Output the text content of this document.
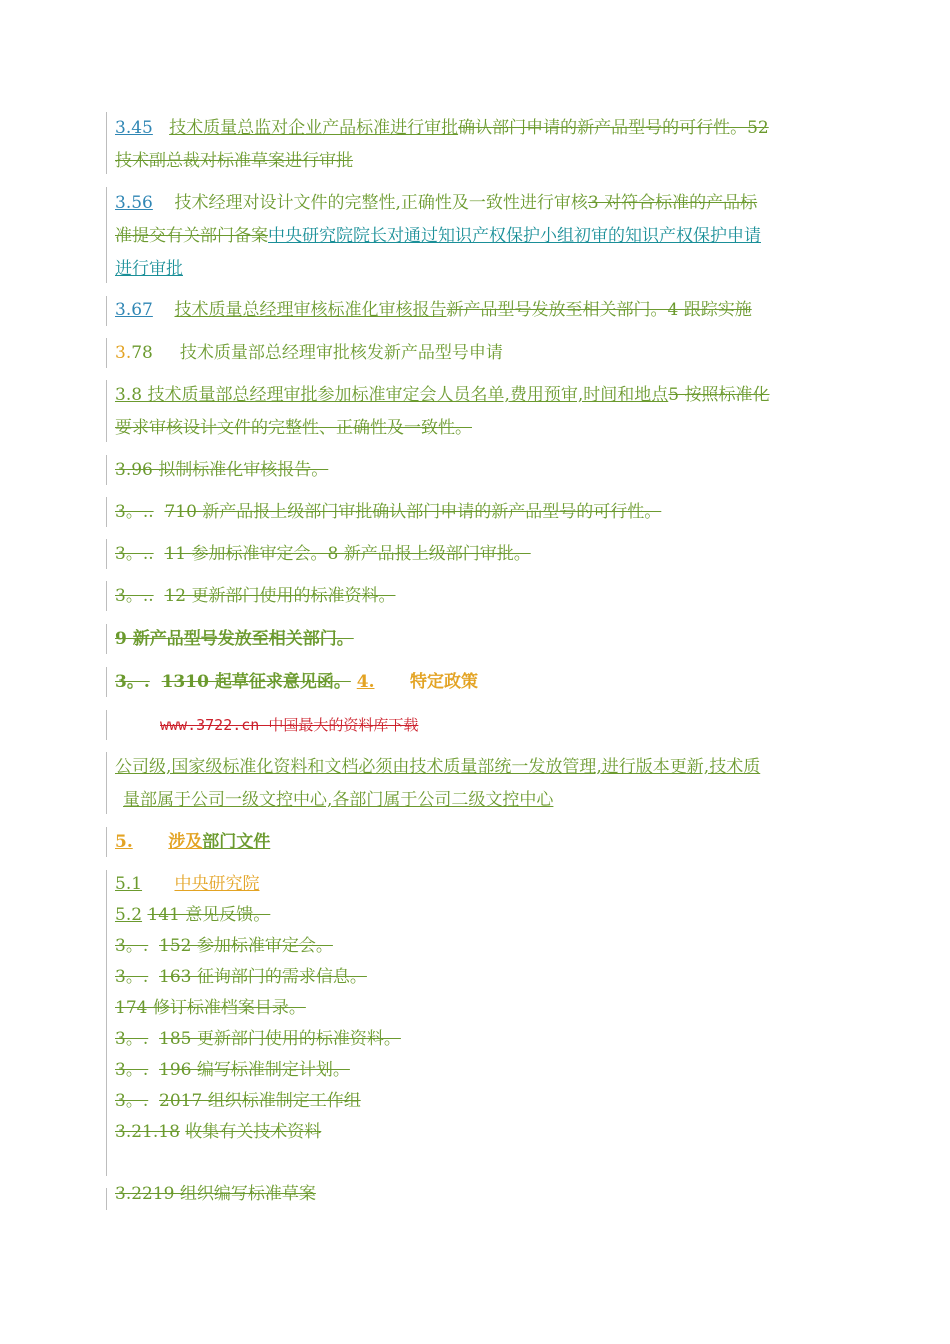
3.45 技术质量总监对企业产品标准进行审批确认部门申请的新产品型号的可行性。52
技术副总裁对标准草案进行审批
3.56 技术经理对设计文件的完整性,正确性及一致性进行审核3 对符合标准的产品标
准提交有关部门备案中央研究院院长对通过知识产权保护小组初审的知识产权保护申请
进行审批
3.67 技术质量总经理审核标准化审核报告新产品型号发放至相关部门。4 跟踪实施
3.78 技术质量部总经理审批核发新产品型号申请
3.8 技术质量部总经理审批参加标准审定会人员名单,费用预审,时间和地点5 按照标准化
要求审核设计文件的完整性、正确性及一致性。
3.96 拟制标准化审核报告。
3。.. 710 新产品报上级部门审批确认部门申请的新产品型号的可行性。
3。.. 11 参加标准审定会。8 新产品报上级部门审批。
3。.. 12 更新部门使用的标准资料。
9 新产品型号发放至相关部门。
3。. 1310 起草征求意见函。 4. 特定政策
www.3722.cn 中国最大的资料库下载
公司级,国家级标准化资料和文档必须由技术质量部统一发放管理,进行版本更新,技术质
量部属于公司一级文控中心,各部门属于公司二级文控中心
5. 涉及部门文件
5.1 中央研究院
5.2 141 意见反馈。
3。. 152 参加标准审定会。
3。. 163 征询部门的需求信息。
174 修订标准档案目录。
3。. 185 更新部门使用的标准资料。
3。. 196 编写标准制定计划。
3。. 2017 组织标准制定工作组
3.21.18 收集有关技术资料
3.2219 组织编写标准草案
